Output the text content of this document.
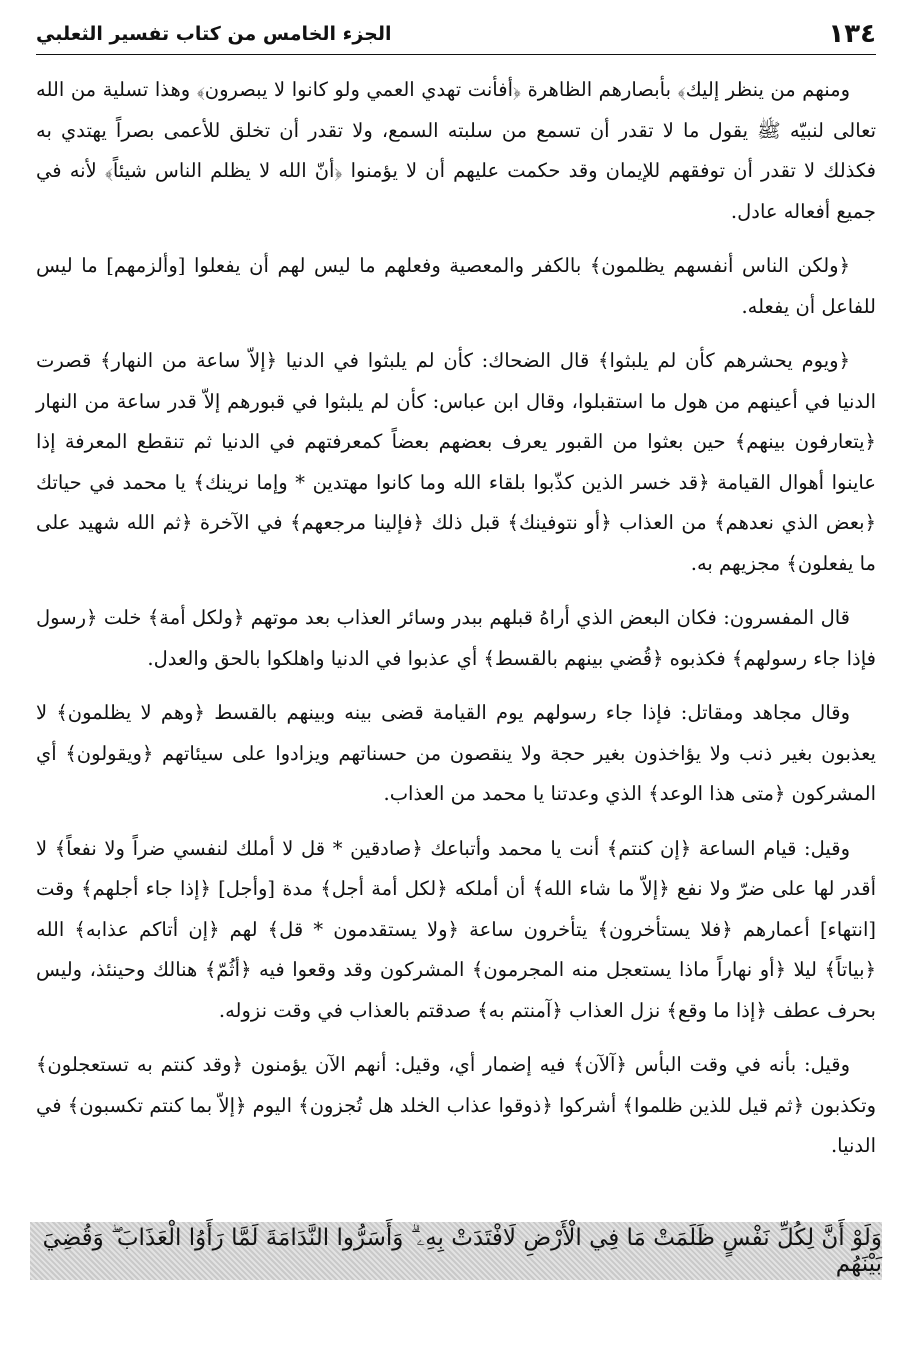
١٣٤
الجزء الخامس من كتاب تفسير الثعلبي

ومنهم من ينظر إليك﴾ بأبصارهم الظاهرة ﴿أفأنت تهدي العمي ولو كانوا لا يبصرون﴾ وهذا تسلية من الله تعالى لنبيّه ﷺ يقول ما لا تقدر أن تسمع من سلبته السمع، ولا تقدر أن تخلق للأعمى بصراً يهتدي به فكذلك لا تقدر أن توفقهم للإيمان وقد حكمت عليهم أن لا يؤمنوا ﴿أنّ الله لا يظلم الناس شيئاً﴾ لأنه في جميع أفعاله عادل.

﴿ولكن الناس أنفسهم يظلمون﴾ بالكفر والمعصية وفعلهم ما ليس لهم أن يفعلوا [وألزمهم] ما ليس للفاعل أن يفعله.

﴿ويوم يحشرهم كأن لم يلبثوا﴾ قال الضحاك: كأن لم يلبثوا في الدنيا ﴿إلاّ ساعة من النهار﴾ قصرت الدنيا في أعينهم من هول ما استقبلوا، وقال ابن عباس: كأن لم يلبثوا في قبورهم إلاّ قدر ساعة من النهار ﴿يتعارفون بينهم﴾ حين بعثوا من القبور يعرف بعضهم بعضاً كمعرفتهم في الدنيا ثم تنقطع المعرفة إذا عاينوا أهوال القيامة ﴿قد خسر الذين كذّبوا بلقاء الله وما كانوا مهتدين * وإما نرينك﴾ يا محمد في حياتك ﴿بعض الذي نعدهم﴾ من العذاب ﴿أو نتوفينك﴾ قبل ذلك ﴿فإلينا مرجعهم﴾ في الآخرة ﴿ثم الله شهيد على ما يفعلون﴾ مجزيهم به.

قال المفسرون: فكان البعض الذي أراهُ قبلهم ببدر وسائر العذاب بعد موتهم ﴿ولكل أمة﴾ خلت ﴿رسول فإذا جاء رسولهم﴾ فكذبوه ﴿قُضي بينهم بالقسط﴾ أي عذبوا في الدنيا واهلكوا بالحق والعدل.

وقال مجاهد ومقاتل: فإذا جاء رسولهم يوم القيامة قضى بينه وبينهم بالقسط ﴿وهم لا يظلمون﴾ لا يعذبون بغير ذنب ولا يؤاخذون بغير حجة ولا ينقصون من حسناتهم ويزادوا على سيئاتهم ﴿ويقولون﴾ أي المشركون ﴿متى هذا الوعد﴾ الذي وعدتنا يا محمد من العذاب.

وقيل: قيام الساعة ﴿إن كنتم﴾ أنت يا محمد وأتباعك ﴿صادقين * قل لا أملك لنفسي ضراً ولا نفعاً﴾ لا أقدر لها على ضرّ ولا نفع ﴿إلاّ ما شاء الله﴾ أن أملكه ﴿لكل أمة أجل﴾ مدة [وأجل] ﴿إذا جاء أجلهم﴾ وقت [انتهاء] أعمارهم ﴿فلا يستأخرون﴾ يتأخرون ساعة ﴿ولا يستقدمون * قل﴾ لهم ﴿إن أتاكم عذابه﴾ الله ﴿بياتاً﴾ ليلا ﴿أو نهاراً ماذا يستعجل منه المجرمون﴾ المشركون وقد وقعوا فيه ﴿أثُمّ﴾ هنالك وحينئذ، وليس بحرف عطف ﴿إذا ما وقع﴾ نزل العذاب ﴿آمنتم به﴾ صدقتم بالعذاب في وقت نزوله.

وقيل: بأنه في وقت البأس ﴿آلآن﴾ فيه إضمار أي، وقيل: أنهم الآن يؤمنون ﴿وقد كنتم به تستعجلون﴾ وتكذبون ﴿ثم قيل للذين ظلموا﴾ أشركوا ﴿ذوقوا عذاب الخلد هل تُجزون﴾ اليوم ﴿إلاّ بما كنتم تكسبون﴾ في الدنيا.

وَلَوْ أَنَّ لِكُلِّ نَفْسٍ ظَلَمَتْ مَا فِي الْأَرْضِ لَافْتَدَتْ بِهِۦ ۗ وَأَسَرُّوا النَّدَامَةَ لَمَّا رَأَوُا الْعَذَابَ ۖ وَقُضِيَ بَيْنَهُم
